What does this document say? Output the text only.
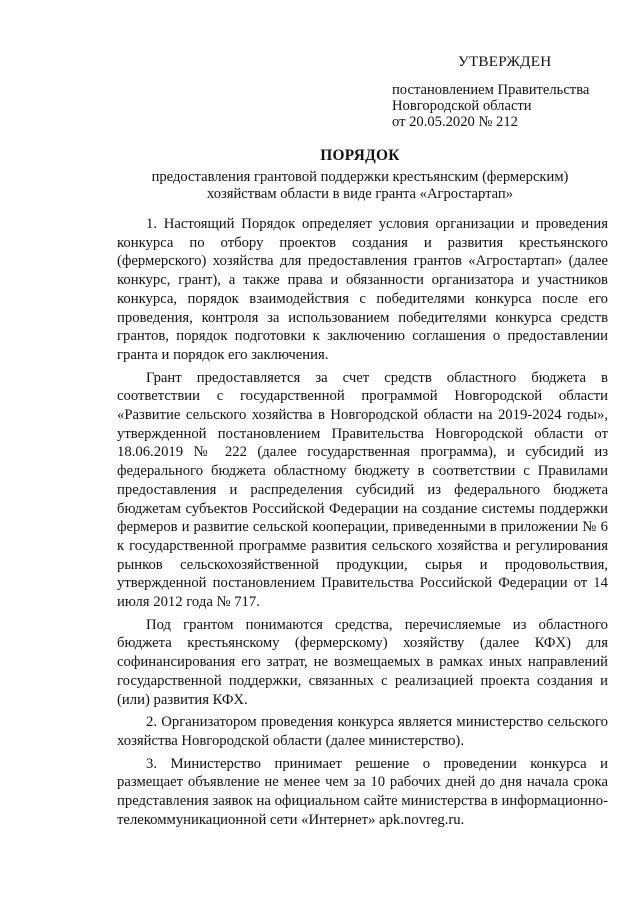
УТВЕРЖДЕН
постановлением Правительства
Новгородской области
от 20.05.2020 № 212
ПОРЯДОК
предоставления грантовой поддержки крестьянским (фермерским)
хозяйствам области в виде гранта «Агростартап»

1. Настоящий Порядок определяет условия организации и проведения конкурса по отбору проектов создания и развития крестьянского (фермерского) хозяйства для предоставления грантов «Агростартап» (далее конкурс, грант), а также права и обязанности организатора и участников конкурса, порядок взаимодействия с победителями конкурса после его проведения, контроля за использованием победителями конкурса средств грантов, порядок подготовки к заключению соглашения о предоставлении гранта и порядок его заключения.

Грант предоставляется за счет средств областного бюджета в соответствии с государственной программой Новгородской области «Развитие сельского хозяйства в Новгородской области на 2019-2024 годы», утвержденной постановлением Правительства Новгородской области от 18.06.2019 № 222 (далее государственная программа), и субсидий из федерального бюджета областному бюджету в соответствии с Правилами предоставления и распределения субсидий из федерального бюджета бюджетам субъектов Российской Федерации на создание системы поддержки фермеров и развитие сельской кооперации, приведенными в приложении № 6 к государственной программе развития сельского хозяйства и регулирования рынков сельскохозяйственной продукции, сырья и продовольствия, утвержденной постановлением Правительства Российской Федерации от 14 июля 2012 года № 717.

Под грантом понимаются средства, перечисляемые из областного бюджета крестьянскому (фермерскому) хозяйству (далее КФХ) для софинансирования его затрат, не возмещаемых в рамках иных направлений государственной поддержки, связанных с реализацией проекта создания и (или) развития КФХ.

2. Организатором проведения конкурса является министерство сельского хозяйства Новгородской области (далее министерство).

3. Министерство принимает решение о проведении конкурса и размещает объявление не менее чем за 10 рабочих дней до дня начала срока представления заявок на официальном сайте министерства в информационно-телекоммуникационной сети «Интернет» apk.novreg.ru.
